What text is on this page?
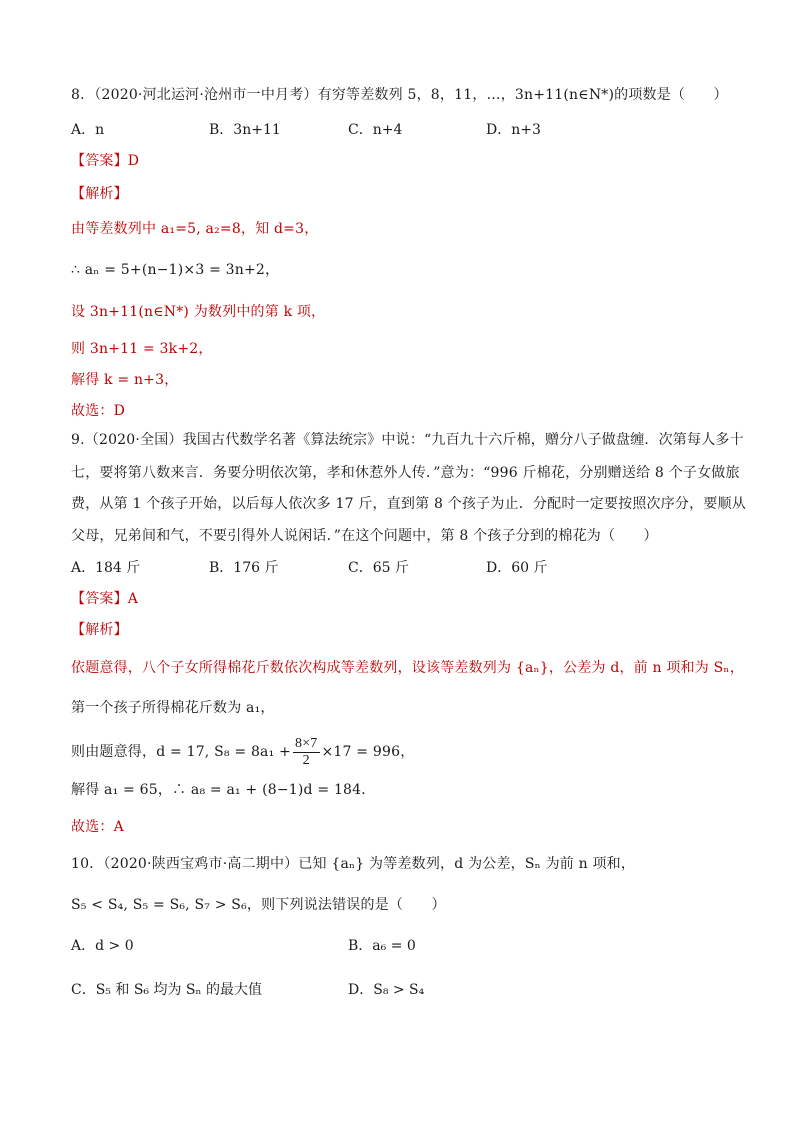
8．（2020·河北运河·沧州市一中月考）有穷等差数列 5，8，11，…，3n+11(n∈N*)的项数是（　　）
A．n	B．3n+11	C．n+4	D．n+3
【答案】D
【解析】
由等差数列中 a₁=5, a₂=8，知 d=3，
∴ aₙ = 5+(n−1)×3 = 3n+2，
设 3n+11(n∈N*) 为数列中的第 k 项，
则 3n+11 = 3k+2，
解得 k = n+3，
故选：D
9.（2020·全国）我国古代数学名著《算法统宗》中说：“九百九十六斤棉，赠分八子做盘缠．次第每人多十
七，要将第八数来言．务要分明依次第，孝和休惹外人传．”意为：“996 斤棉花，分别赠送给 8 个子女做旅
费，从第 1 个孩子开始，以后每人依次多 17 斤，直到第 8 个孩子为止．分配时一定要按照次序分，要顺从
父母，兄弟间和气，不要引得外人说闲话．”在这个问题中，第 8 个孩子分到的棉花为（　　）
A．184 斤	B．176 斤	C．65 斤	D．60 斤
【答案】A
【解析】
依题意得，八个子女所得棉花斤数依次构成等差数列，设该等差数列为 {aₙ}，公差为 d，前 n 项和为 Sₙ，
第一个孩子所得棉花斤数为 a₁，
则由题意得，d = 17, $S_8 = 8a_1 + \frac{8\times 7}{2} \times 17 = 996$，
解得 a₁ = 65，∴ a₈ = a₁ + (8−1)d = 184．
故选：A
10．（2020·陕西宝鸡市·高二期中）已知 {aₙ} 为等差数列，d 为公差，Sₙ 为前 n 项和，
S₅ < S₄, S₅ = S₆, S₇ > S₆，则下列说法错误的是（　　）
A．d > 0	B．a₆ = 0
C．S₅ 和 S₆ 均为 Sₙ 的最大值	D．S₈ > S₄
